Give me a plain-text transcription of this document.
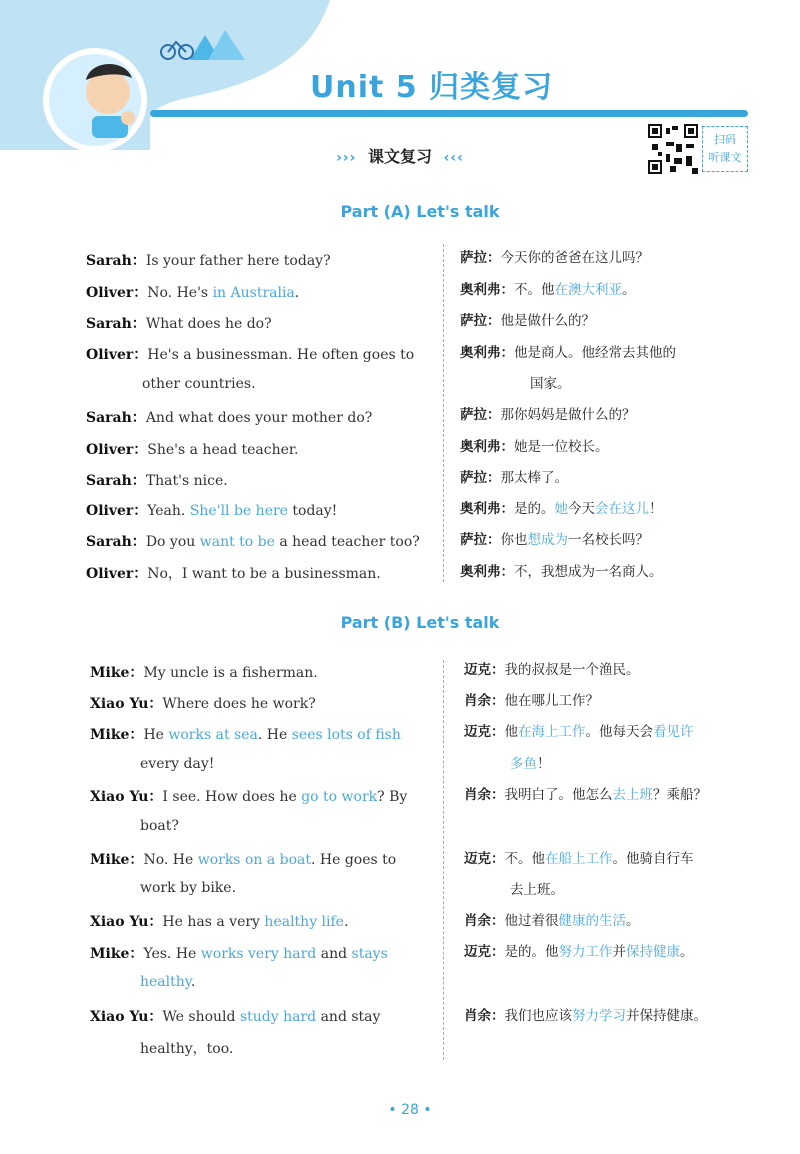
Unit 5 归类复习
扫码
听课文
››› 课文复习 ‹‹‹
Part (A) Let's talk
Sarah：Is your father here today?
Oliver：No. He's in Australia.
Sarah：What does he do?
Oliver：He's a businessman. He often goes to
other countries.
Sarah：And what does your mother do?
Oliver：She's a head teacher.
Sarah：That's nice.
Oliver：Yeah. She'll be here today!
Sarah：Do you want to be a head teacher too?
Oliver：No，I want to be a businessman.
萨拉：今天你的爸爸在这儿吗？
奥利弗：不。他在澳大利亚。
萨拉：他是做什么的？
奥利弗：他是商人。他经常去其他的
国家。
萨拉：那你妈妈是做什么的？
奥利弗：她是一位校长。
萨拉：那太棒了。
奥利弗：是的。她今天会在这儿！
萨拉：你也想成为一名校长吗？
奥利弗：不，我想成为一名商人。
Part (B) Let's talk
Mike：My uncle is a fisherman.
Xiao Yu：Where does he work?
Mike：He works at sea. He sees lots of fish
every day!
Xiao Yu：I see. How does he go to work? By
boat?
Mike：No. He works on a boat. He goes to
work by bike.
Xiao Yu：He has a very healthy life.
Mike：Yes. He works very hard and stays
healthy.
Xiao Yu：We should study hard and stay
healthy，too.
迈克：我的叔叔是一个渔民。
肖余：他在哪儿工作？
迈克：他在海上工作。他每天会看见许
多鱼！
肖余：我明白了。他怎么去上班？乘船？
迈克：不。他在船上工作。他骑自行车
去上班。
肖余：他过着很健康的生活。
迈克：是的。他努力工作并保持健康。
肖余：我们也应该努力学习并保持健康。
• 28 •
